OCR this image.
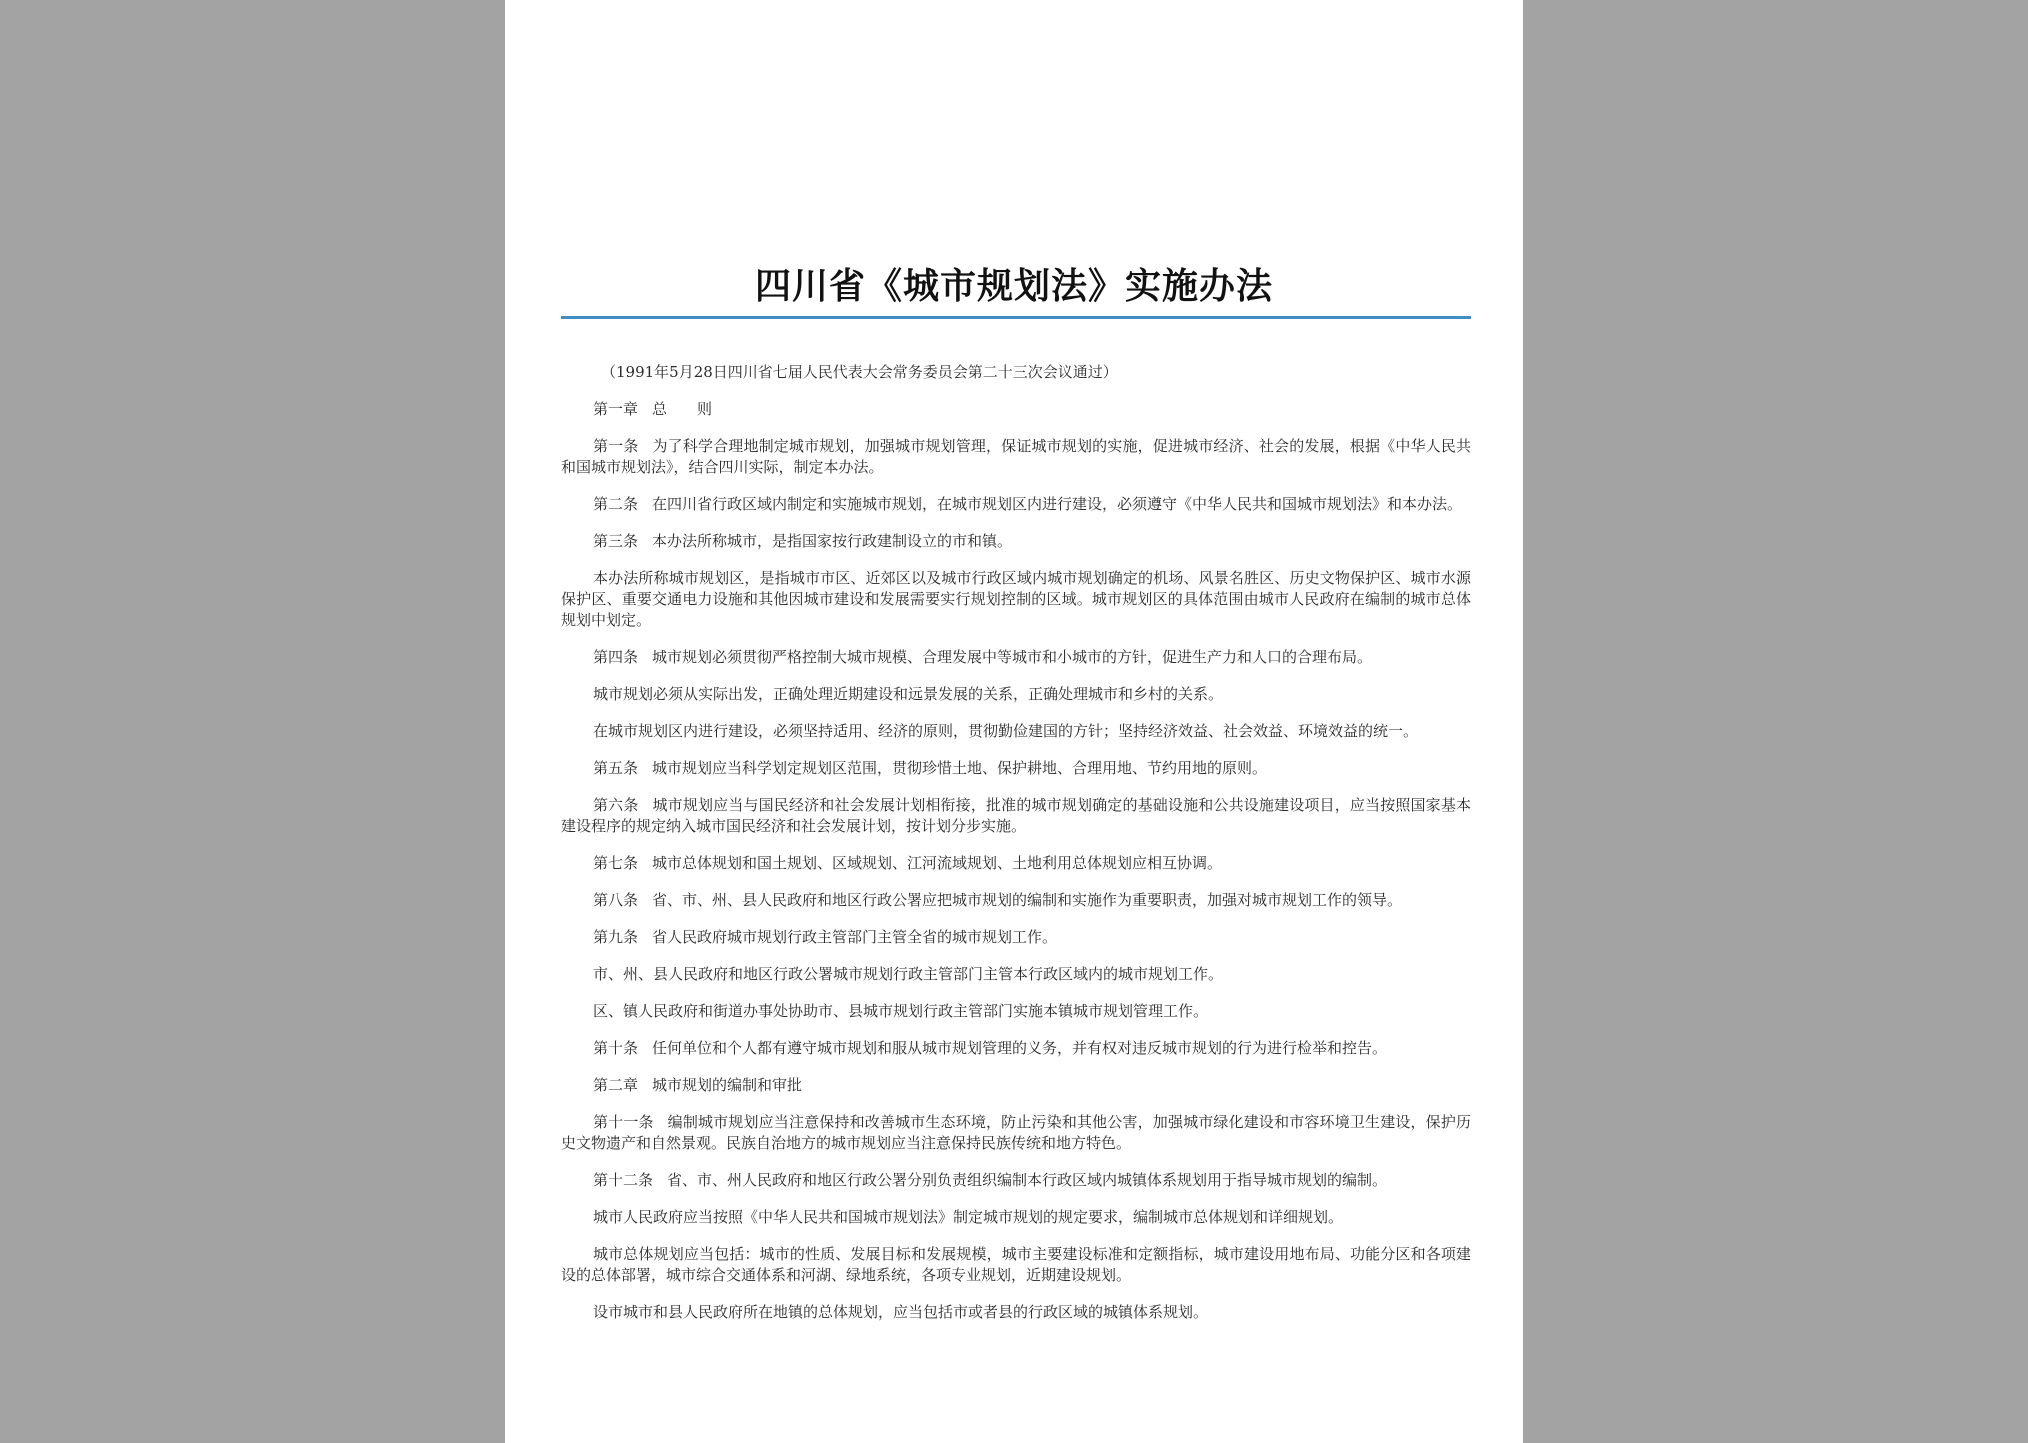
四川省《城市规划法》实施办法

（1991年5月28日四川省七届人民代表大会常务委员会第二十三次会议通过）

第一章 总　　则

第一条 为了科学合理地制定城市规划，加强城市规划管理，保证城市规划的实施，促进城市经济、社会的发展，根据《中华人民共和国城市规划法》，结合四川实际，制定本办法。

第二条 在四川省行政区域内制定和实施城市规划，在城市规划区内进行建设，必须遵守《中华人民共和国城市规划法》和本办法。

第三条 本办法所称城市，是指国家按行政建制设立的市和镇。

本办法所称城市规划区，是指城市市区、近郊区以及城市行政区域内城市规划确定的机场、风景名胜区、历史文物保护区、城市水源保护区、重要交通电力设施和其他因城市建设和发展需要实行规划控制的区域。城市规划区的具体范围由城市人民政府在编制的城市总体规划中划定。

第四条 城市规划必须贯彻严格控制大城市规模、合理发展中等城市和小城市的方针，促进生产力和人口的合理布局。

城市规划必须从实际出发，正确处理近期建设和远景发展的关系，正确处理城市和乡村的关系。

在城市规划区内进行建设，必须坚持适用、经济的原则，贯彻勤俭建国的方针；坚持经济效益、社会效益、环境效益的统一。

第五条 城市规划应当科学划定规划区范围，贯彻珍惜土地、保护耕地、合理用地、节约用地的原则。

第六条 城市规划应当与国民经济和社会发展计划相衔接，批准的城市规划确定的基础设施和公共设施建设项目，应当按照国家基本建设程序的规定纳入城市国民经济和社会发展计划，按计划分步实施。

第七条 城市总体规划和国土规划、区域规划、江河流域规划、土地利用总体规划应相互协调。

第八条 省、市、州、县人民政府和地区行政公署应把城市规划的编制和实施作为重要职责，加强对城市规划工作的领导。

第九条 省人民政府城市规划行政主管部门主管全省的城市规划工作。

市、州、县人民政府和地区行政公署城市规划行政主管部门主管本行政区域内的城市规划工作。

区、镇人民政府和街道办事处协助市、县城市规划行政主管部门实施本镇城市规划管理工作。

第十条 任何单位和个人都有遵守城市规划和服从城市规划管理的义务，并有权对违反城市规划的行为进行检举和控告。

第二章 城市规划的编制和审批

第十一条 编制城市规划应当注意保持和改善城市生态环境，防止污染和其他公害，加强城市绿化建设和市容环境卫生建设，保护历史文物遗产和自然景观。民族自治地方的城市规划应当注意保持民族传统和地方特色。

第十二条 省、市、州人民政府和地区行政公署分别负责组织编制本行政区域内城镇体系规划用于指导城市规划的编制。

城市人民政府应当按照《中华人民共和国城市规划法》制定城市规划的规定要求，编制城市总体规划和详细规划。

城市总体规划应当包括：城市的性质、发展目标和发展规模，城市主要建设标准和定额指标，城市建设用地布局、功能分区和各项建设的总体部署，城市综合交通体系和河湖、绿地系统，各项专业规划，近期建设规划。

设市城市和县人民政府所在地镇的总体规划，应当包括市或者县的行政区域的城镇体系规划。
